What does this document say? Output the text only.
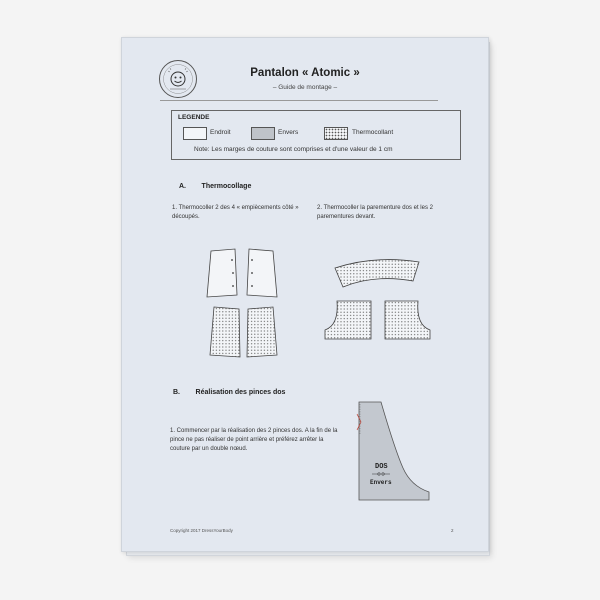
Pantalon « Atomic »
– Guide de montage –
LEGENDE
Endroit	Envers	Thermocollant
Note: Les marges de couture sont comprises et d'une valeur de 1 cm
A.        Thermocollage
1. Thermocoller 2 des 4 « empiècements côté » découpés.
2. Thermocoller la parementure dos et les 2 parementures devant.
B.        Réalisation des pinces dos
1. Commencer par la réalisation des 2 pinces dos. A la fin de la pince ne pas réaliser de point arrière et préférez arrêter la couture par un double nœud.
DOS
Envers
Copyright 2017 DressYourBody	2
